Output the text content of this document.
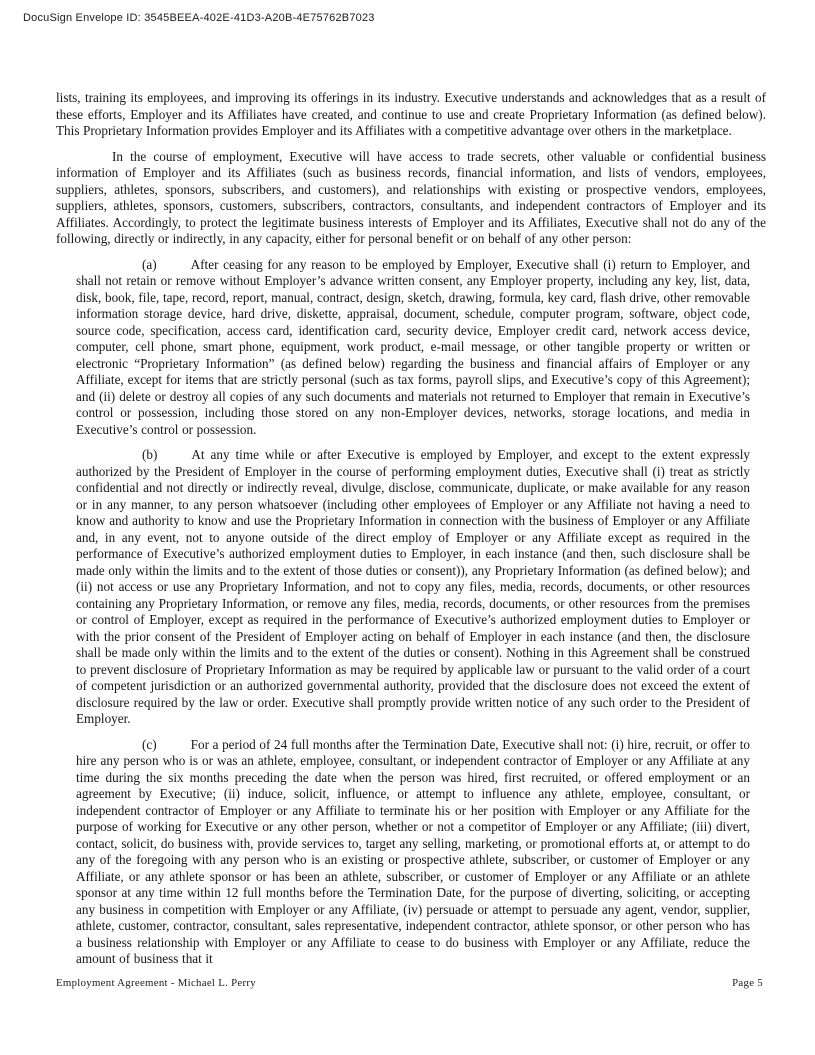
DocuSign Envelope ID: 3545BEEA-402E-41D3-A20B-4E75762B7023

lists, training its employees, and improving its offerings in its industry. Executive understands and acknowledges that as a result of these efforts, Employer and its Affiliates have created, and continue to use and create Proprietary Information (as defined below). This Proprietary Information provides Employer and its Affiliates with a competitive advantage over others in the marketplace.

In the course of employment, Executive will have access to trade secrets, other valuable or confidential business information of Employer and its Affiliates (such as business records, financial information, and lists of vendors, employees, suppliers, athletes, sponsors, subscribers, and customers), and relationships with existing or prospective vendors, employees, suppliers, athletes, sponsors, customers, subscribers, contractors, consultants, and independent contractors of Employer and its Affiliates. Accordingly, to protect the legitimate business interests of Employer and its Affiliates, Executive shall not do any of the following, directly or indirectly, in any capacity, either for personal benefit or on behalf of any other person:

(a)	After ceasing for any reason to be employed by Employer, Executive shall (i) return to Employer, and shall not retain or remove without Employer’s advance written consent, any Employer property, including any key, list, data, disk, book, file, tape, record, report, manual, contract, design, sketch, drawing, formula, key card, flash drive, other removable information storage device, hard drive, diskette, appraisal, document, schedule, computer program, software, object code, source code, specification, access card, identification card, security device, Employer credit card, network access device, computer, cell phone, smart phone, equipment, work product, e-mail message, or other tangible property or written or electronic “Proprietary Information” (as defined below) regarding the business and financial affairs of Employer or any Affiliate, except for items that are strictly personal (such as tax forms, payroll slips, and Executive’s copy of this Agreement); and (ii) delete or destroy all copies of any such documents and materials not returned to Employer that remain in Executive’s control or possession, including those stored on any non-Employer devices, networks, storage locations, and media in Executive’s control or possession.

(b)	At any time while or after Executive is employed by Employer, and except to the extent expressly authorized by the President of Employer in the course of performing employment duties, Executive shall (i) treat as strictly confidential and not directly or indirectly reveal, divulge, disclose, communicate, duplicate, or make available for any reason or in any manner, to any person whatsoever (including other employees of Employer or any Affiliate not having a need to know and authority to know and use the Proprietary Information in connection with the business of Employer or any Affiliate and, in any event, not to anyone outside of the direct employ of Employer or any Affiliate except as required in the performance of Executive’s authorized employment duties to Employer, in each instance (and then, such disclosure shall be made only within the limits and to the extent of those duties or consent)), any Proprietary Information (as defined below); and (ii) not access or use any Proprietary Information, and not to copy any files, media, records, documents, or other resources containing any Proprietary Information, or remove any files, media, records, documents, or other resources from the premises or control of Employer, except as required in the performance of Executive’s authorized employment duties to Employer or with the prior consent of the President of Employer acting on behalf of Employer in each instance (and then, the disclosure shall be made only within the limits and to the extent of the duties or consent). Nothing in this Agreement shall be construed to prevent disclosure of Proprietary Information as may be required by applicable law or pursuant to the valid order of a court of competent jurisdiction or an authorized governmental authority, provided that the disclosure does not exceed the extent of disclosure required by the law or order. Executive shall promptly provide written notice of any such order to the President of Employer.

(c)	For a period of 24 full months after the Termination Date, Executive shall not: (i) hire, recruit, or offer to hire any person who is or was an athlete, employee, consultant, or independent contractor of Employer or any Affiliate at any time during the six months preceding the date when the person was hired, first recruited, or offered employment or an agreement by Executive; (ii) induce, solicit, influence, or attempt to influence any athlete, employee, consultant, or independent contractor of Employer or any Affiliate to terminate his or her position with Employer or any Affiliate for the purpose of working for Executive or any other person, whether or not a competitor of Employer or any Affiliate; (iii) divert, contact, solicit, do business with, provide services to, target any selling, marketing, or promotional efforts at, or attempt to do any of the foregoing with any person who is an existing or prospective athlete, subscriber, or customer of Employer or any Affiliate, or any athlete sponsor or has been an athlete, subscriber, or customer of Employer or any Affiliate or an athlete sponsor at any time within 12 full months before the Termination Date, for the purpose of diverting, soliciting, or accepting any business in competition with Employer or any Affiliate, (iv) persuade or attempt to persuade any agent, vendor, supplier, athlete, customer, contractor, consultant, sales representative, independent contractor, athlete sponsor, or other person who has a business relationship with Employer or any Affiliate to cease to do business with Employer or any Affiliate, reduce the amount of business that it

Employment Agreement - Michael L. Perry	Page 5
